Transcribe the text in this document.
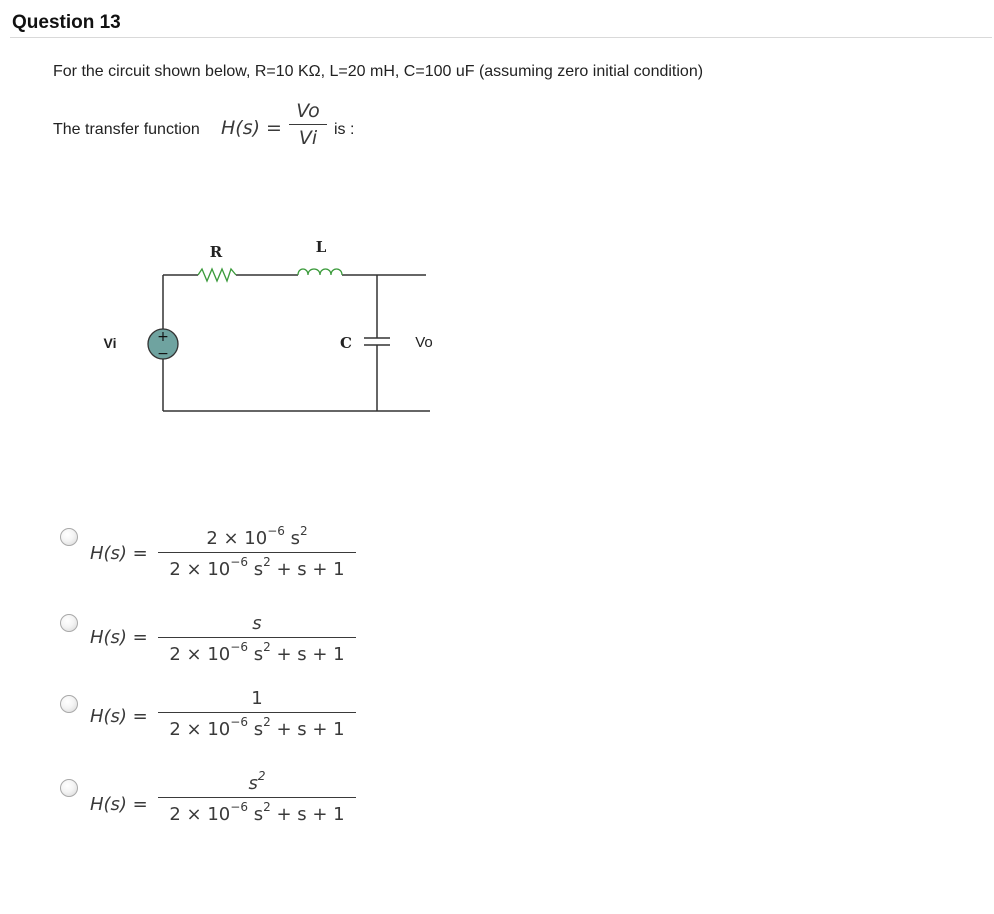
Question 13
For the circuit shown below, R=10 KΩ, L=20 mH, C=100 uF (assuming zero initial condition)
The transfer function H(s) =
Vo
Vi	is :
+
−
R	L
C
Vi	Vo
H(s) =
$2 \times 10^{-6}$ $s^2$
$2 \times 10^{-6}$ $s^2 + s + 1$
H(s) =
s
$2 \times 10^{-6}$ $s^2 + s + 1$
H(s) =
1
$2 \times 10^{-6}$ $s^2 + s + 1$
H(s) =
$s^2$
$2 \times 10^{-6}$ $s^2 + s + 1$
